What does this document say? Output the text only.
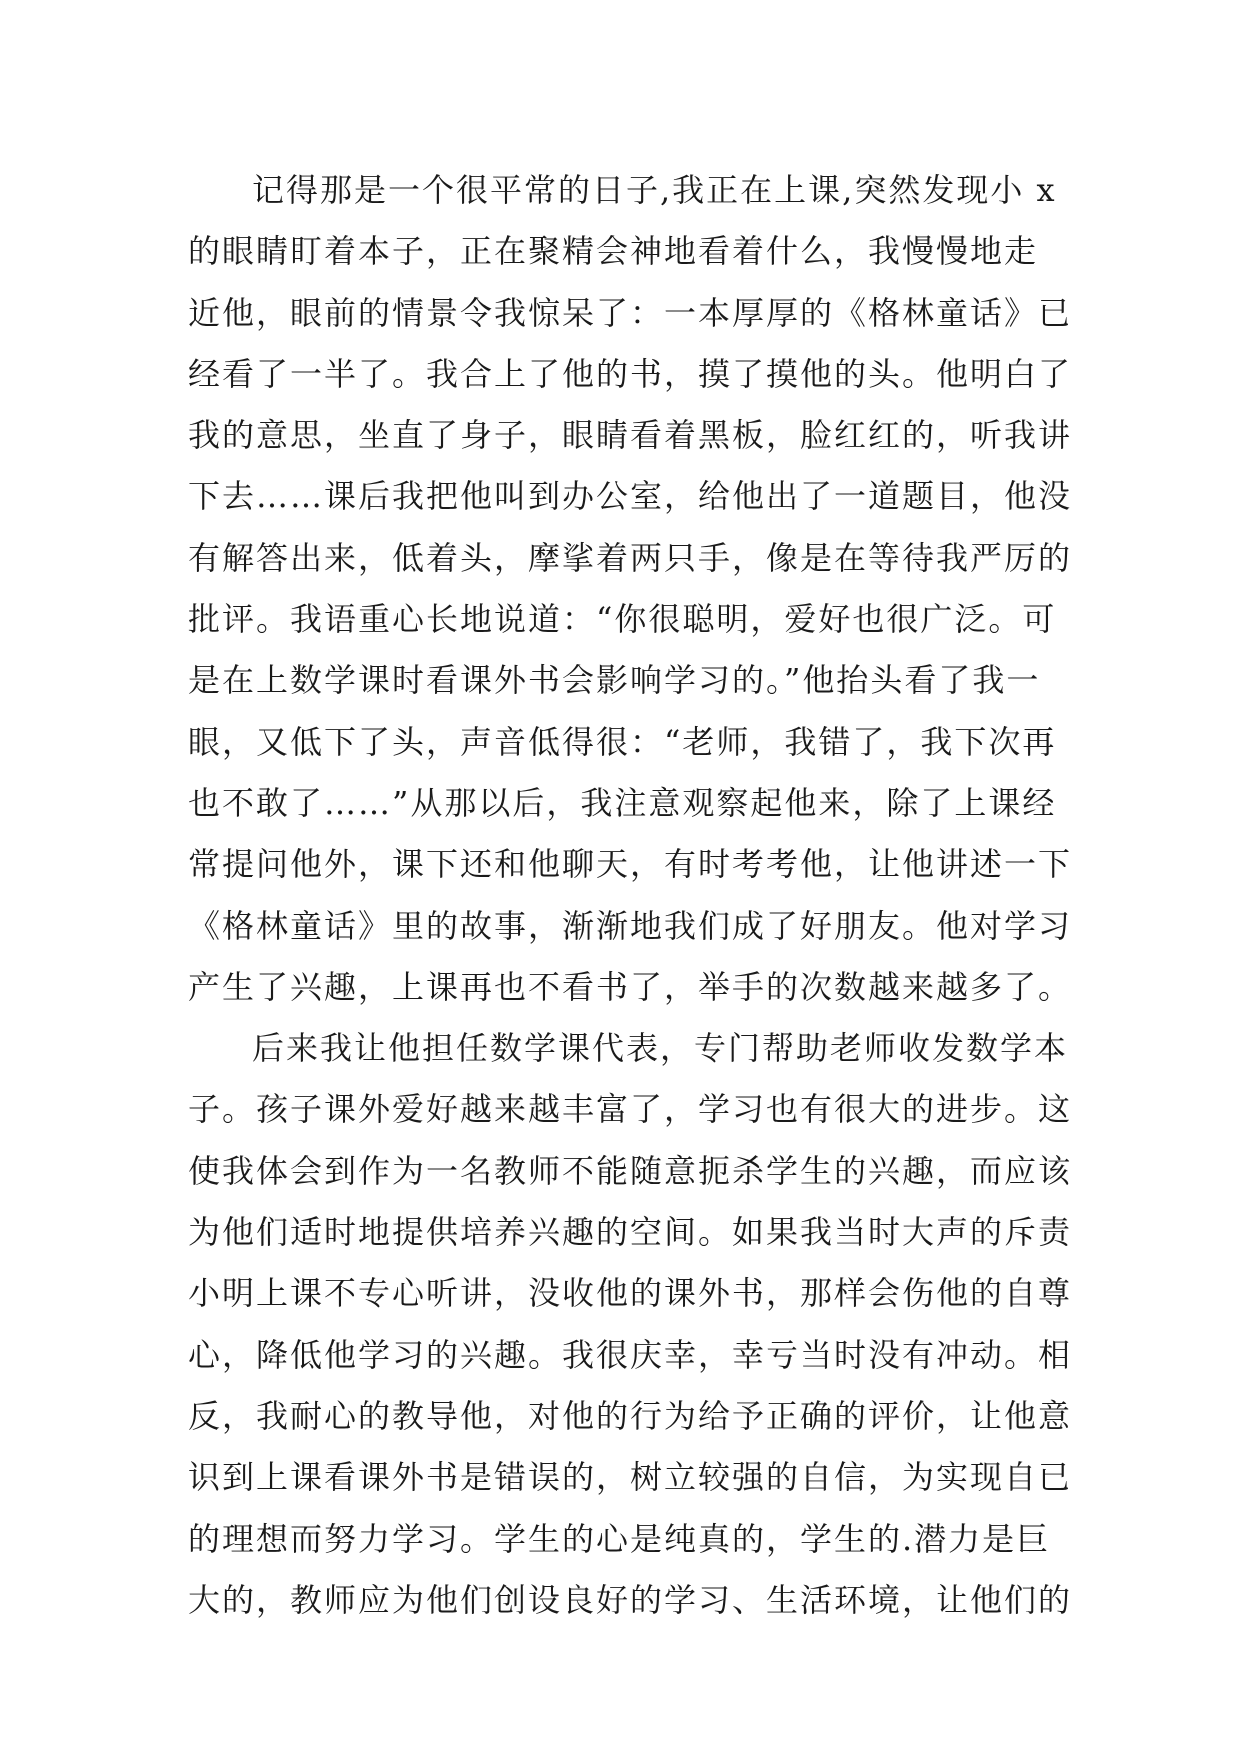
记得那是一个很平常的日子,我正在上课,突然发现小 x
的眼睛盯着本子，正在聚精会神地看着什么，我慢慢地走
近他，眼前的情景令我惊呆了：一本厚厚的《格林童话》已
经看了一半了。我合上了他的书，摸了摸他的头。他明白了
我的意思，坐直了身子，眼睛看着黑板，脸红红的，听我讲
下去……课后我把他叫到办公室，给他出了一道题目，他没
有解答出来，低着头，摩挲着两只手，像是在等待我严厉的
批评。我语重心长地说道：“你很聪明，爱好也很广泛。可
是在上数学课时看课外书会影响学习的。”他抬头看了我一
眼，又低下了头，声音低得很：“老师，我错了，我下次再
也不敢了……”从那以后，我注意观察起他来，除了上课经
常提问他外，课下还和他聊天，有时考考他，让他讲述一下
《格林童话》里的故事，渐渐地我们成了好朋友。他对学习
产生了兴趣，上课再也不看书了，举手的次数越来越多了。
后来我让他担任数学课代表，专门帮助老师收发数学本
子。孩子课外爱好越来越丰富了，学习也有很大的进步。这
使我体会到作为一名教师不能随意扼杀学生的兴趣，而应该
为他们适时地提供培养兴趣的空间。如果我当时大声的斥责
小明上课不专心听讲，没收他的课外书，那样会伤他的自尊
心，降低他学习的兴趣。我很庆幸，幸亏当时没有冲动。相
反，我耐心的教导他，对他的行为给予正确的评价，让他意
识到上课看课外书是错误的，树立较强的自信，为实现自已
的理想而努力学习。学生的心是纯真的，学生的.潜力是巨
大的，教师应为他们创设良好的学习、生活环境，让他们的
